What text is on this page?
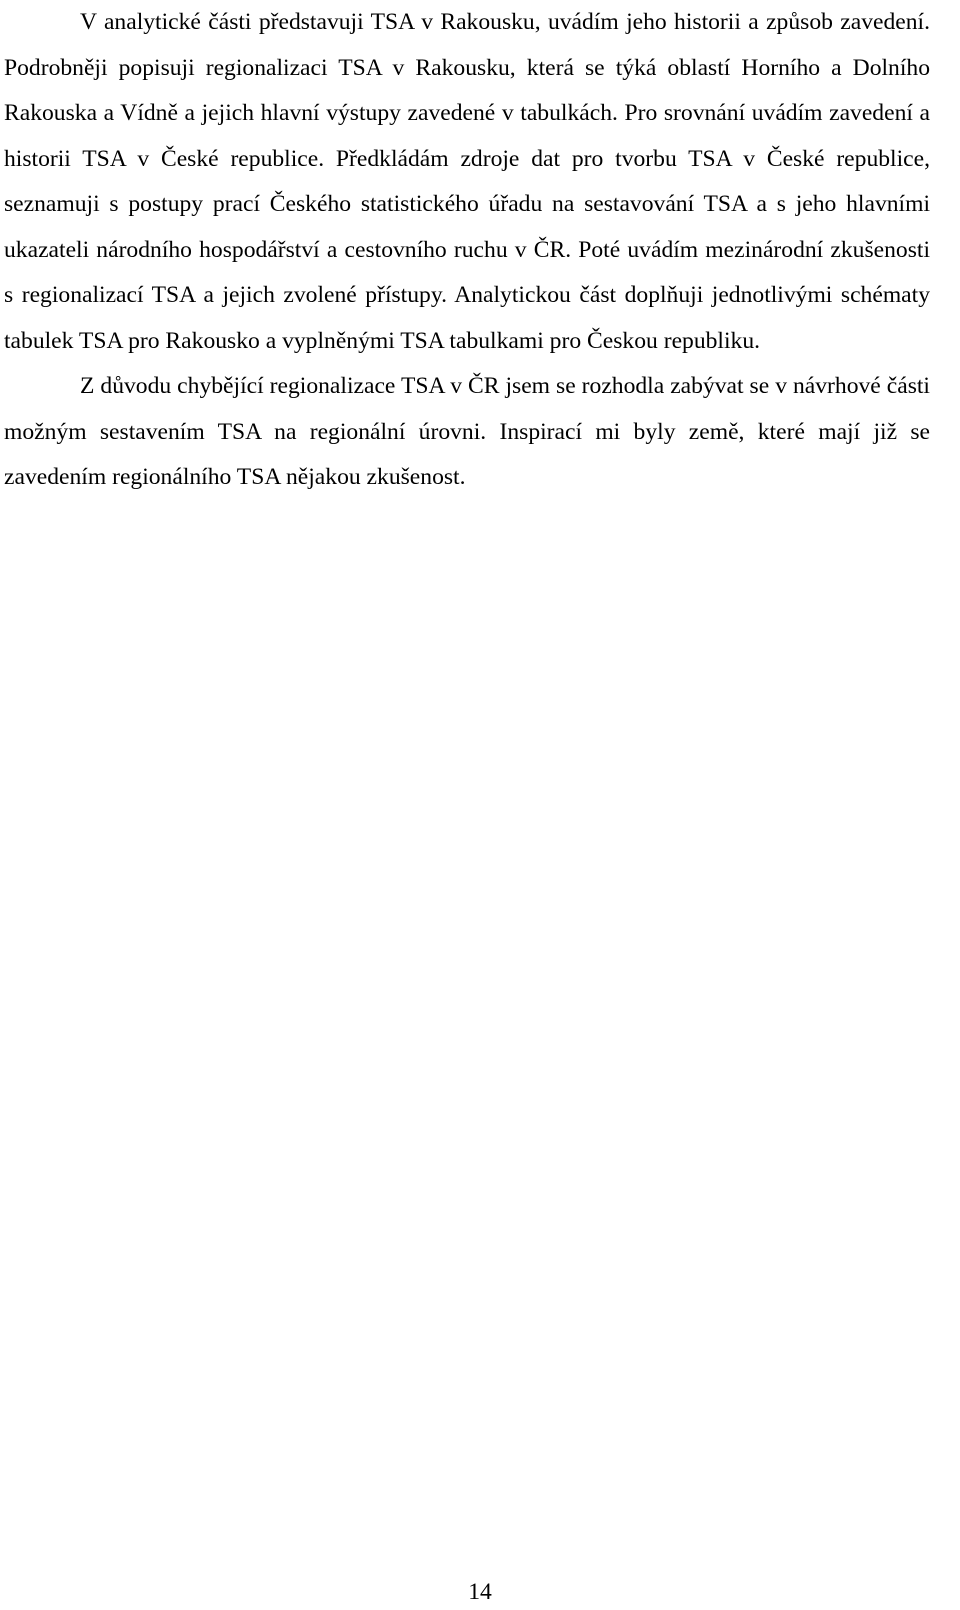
V analytické části představuji TSA v Rakousku, uvádím jeho historii a způsob zavedení. Podrobněji popisuji regionalizaci TSA v Rakousku, která se týká oblastí Horního a Dolního Rakouska a Vídně a jejich hlavní výstupy zavedené v tabulkách. Pro srovnání uvádím zavedení a historii TSA v České republice. Předkládám zdroje dat pro tvorbu TSA v České republice, seznamuji s postupy prací Českého statistického úřadu na sestavování TSA a s jeho hlavními ukazateli národního hospodářství a cestovního ruchu v ČR. Poté uvádím mezinárodní zkušenosti s regionalizací TSA a jejich zvolené přístupy. Analytickou část doplňuji jednotlivými schématy tabulek TSA pro Rakousko a vyplněnými TSA tabulkami pro Českou republiku.

Z důvodu chybějící regionalizace TSA v ČR jsem se rozhodla zabývat se v návrhové části možným sestavením TSA na regionální úrovni. Inspirací mi byly země, které mají již se zavedením regionálního TSA nějakou zkušenost.

14
